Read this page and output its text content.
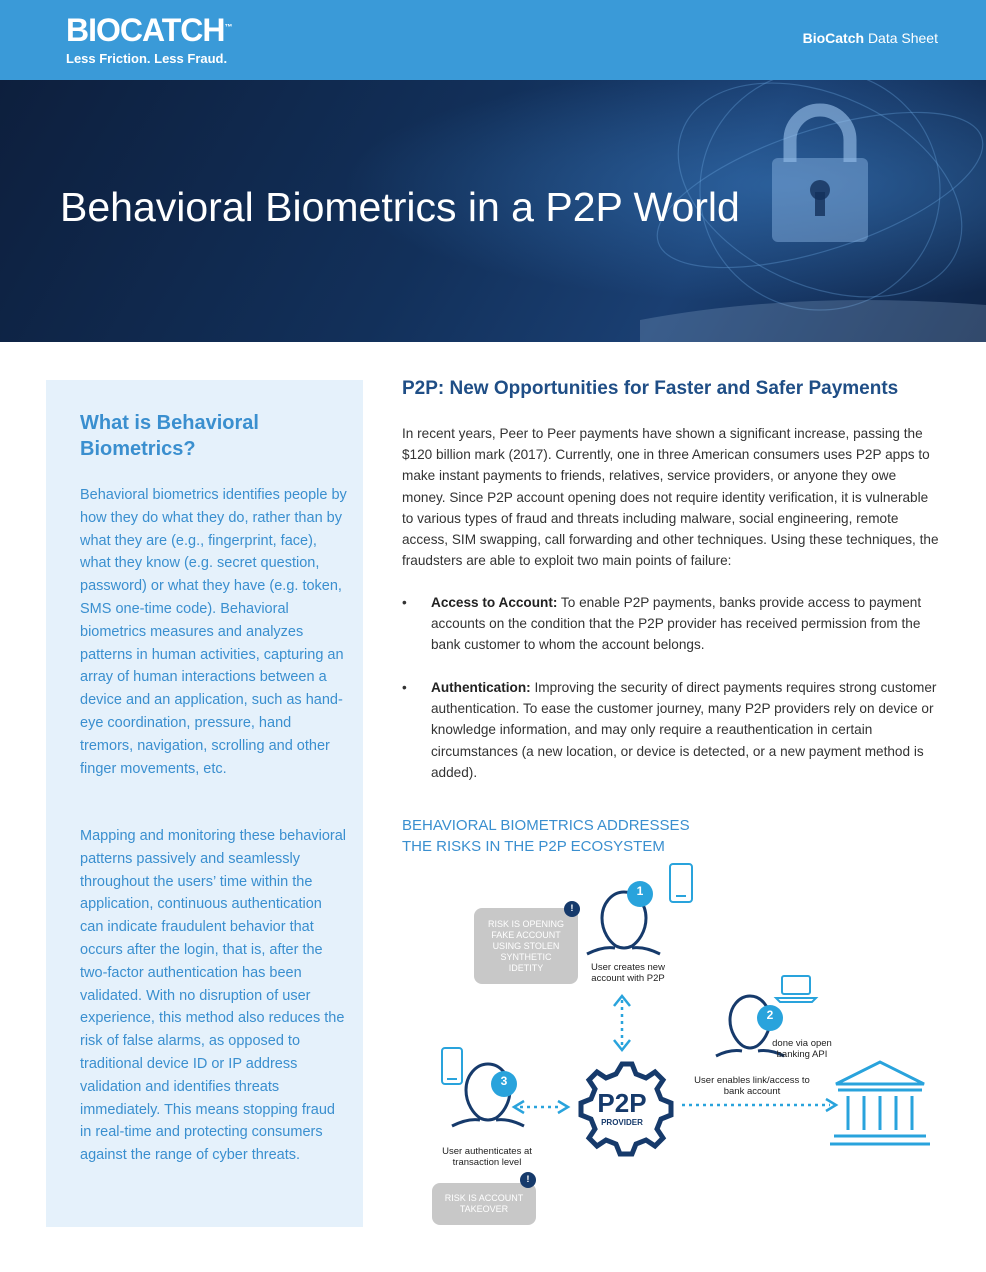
BIOCATCH™
Less Friction. Less Fraud.
BioCatch Data Sheet
Behavioral Biometrics in a P2P World
What is Behavioral Biometrics?

Behavioral biometrics identifies people by how they do what they do, rather than by what they are (e.g., fingerprint, face), what they know (e.g. secret question, password) or what they have (e.g. token, SMS one-time code). Behavioral biometrics measures and analyzes patterns in human activities, capturing an array of human interactions between a device and an application, such as hand-eye coordination, pressure, hand tremors, navigation, scrolling and other finger movements, etc.

Mapping and monitoring these behavioral patterns passively and seamlessly throughout the users’ time within the application, continuous authentication can indicate fraudulent behavior that occurs after the login, that is, after the two-factor authentication has been validated. With no disruption of user experience, this method also reduces the risk of false alarms, as opposed to traditional device ID or IP address validation and identifies threats immediately. This means stopping fraud in real-time and protecting consumers against the range of cyber threats.

P2P: New Opportunities for Faster and Safer Payments

In recent years, Peer to Peer payments have shown a significant increase, passing the $120 billion mark (2017). Currently, one in three American consumers uses P2P apps to make instant payments to friends, relatives, service providers, or anyone they owe money. Since P2P account opening does not require identity verification, it is vulnerable to various types of fraud and threats including malware, social engineering, remote access, SIM swapping, call forwarding and other techniques. Using these techniques, the fraudsters are able to exploit two main points of failure:

• Access to Account: To enable P2P payments, banks provide access to payment accounts on the condition that the P2P provider has received permission from the bank customer to whom the account belongs.
• Authentication: Improving the security of direct payments requires strong customer authentication. To ease the customer journey, many P2P providers rely on device or knowledge information, and may only require a reauthentication in certain circumstances (a new location, or device is detected, or a new payment method is added).
BEHAVIORAL BIOMETRICS ADDRESSES THE RISKS IN THE P2P ECOSYSTEM
1
2
3
RISK IS OPENING FAKE ACCOUNT USING STOLEN SYNTHETIC IDETITY
!
User creates new account with P2P
done via open banking API
User enables link/access to bank account
P2P
PROVIDER
User authenticates at transaction level
RISK IS ACCOUNT TAKEOVER
!
